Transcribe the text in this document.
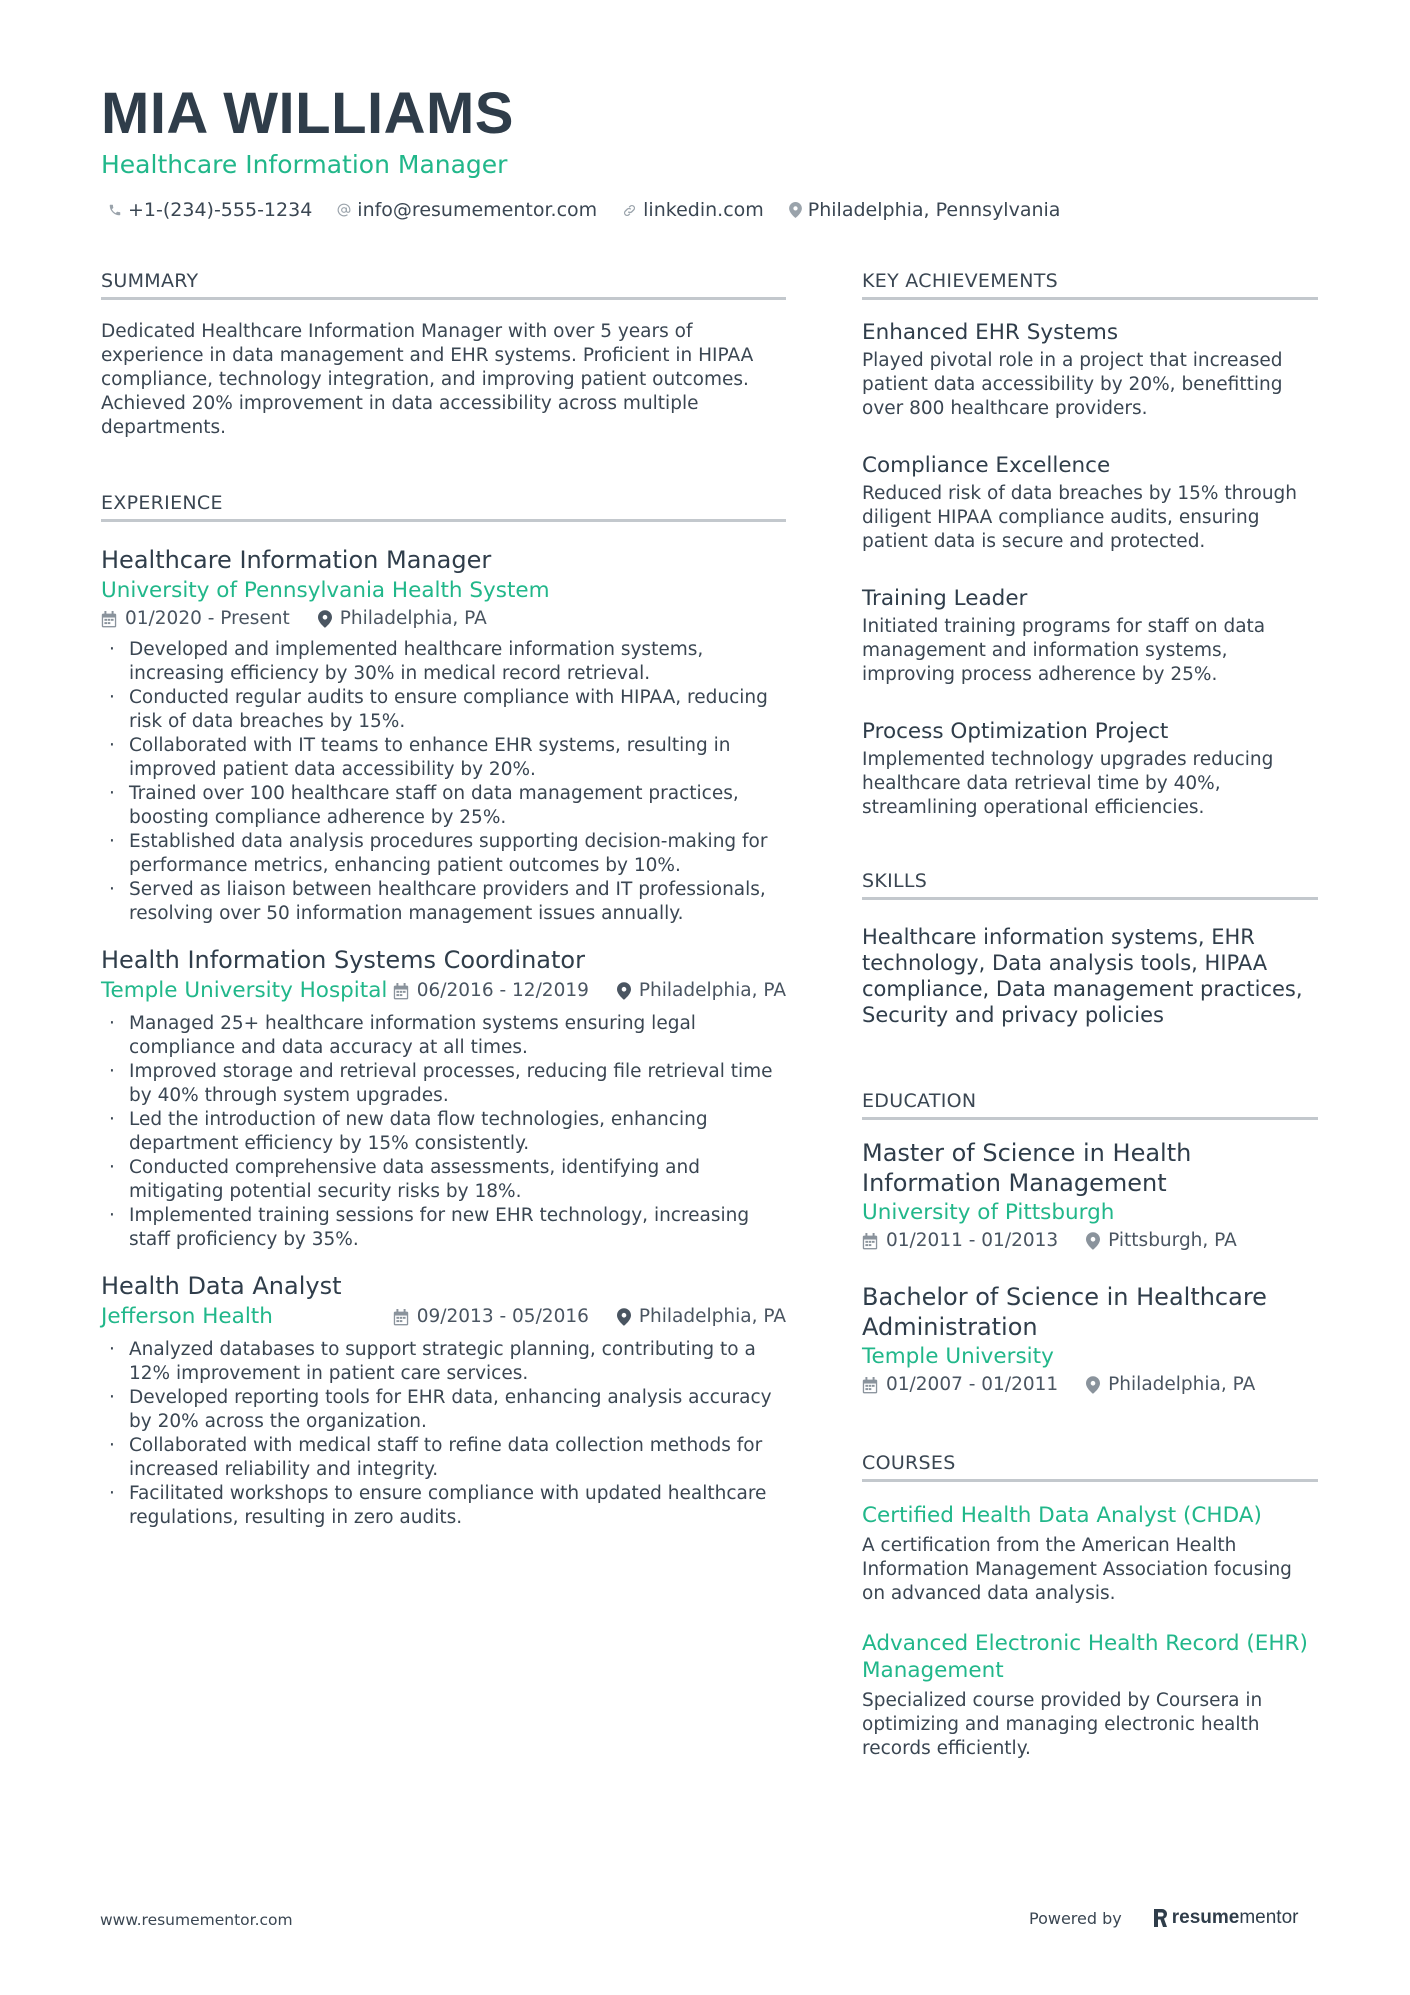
MIA WILLIAMS
Healthcare Information Manager
+1-(234)-555-1234 info@resumementor.com linkedin.com Philadelphia, Pennsylvania
SUMMARY

Dedicated Healthcare Information Manager with over 5 years of experience in data management and EHR systems. Proficient in HIPAA compliance, technology integration, and improving patient outcomes. Achieved 20% improvement in data accessibility across multiple departments.

EXPERIENCE
Healthcare Information Manager
University of Pennsylvania Health System
01/2020 - Present	Philadelphia, PA
· Developed and implemented healthcare information systems, increasing efficiency by 30% in medical record retrieval.
· Conducted regular audits to ensure compliance with HIPAA, reducing risk of data breaches by 15%.
· Collaborated with IT teams to enhance EHR systems, resulting in improved patient data accessibility by 20%.
· Trained over 100 healthcare staff on data management practices, boosting compliance adherence by 25%.
· Established data analysis procedures supporting decision-making for performance metrics, enhancing patient outcomes by 10%.
· Served as liaison between healthcare providers and IT professionals, resolving over 50 information management issues annually.
Health Information Systems Coordinator
Temple University Hospital 06/2016 - 12/2019	Philadelphia, PA
· Managed 25+ healthcare information systems ensuring legal compliance and data accuracy at all times.
· Improved storage and retrieval processes, reducing file retrieval time by 40% through system upgrades.
· Led the introduction of new data flow technologies, enhancing department efficiency by 15% consistently.
· Conducted comprehensive data assessments, identifying and mitigating potential security risks by 18%.
· Implemented training sessions for new EHR technology, increasing staff proficiency by 35%.
Health Data Analyst
Jefferson Health	09/2013 - 05/2016	Philadelphia, PA
· Analyzed databases to support strategic planning, contributing to a 12% improvement in patient care services.
· Developed reporting tools for EHR data, enhancing analysis accuracy by 20% across the organization.
· Collaborated with medical staff to refine data collection methods for increased reliability and integrity.
· Facilitated workshops to ensure compliance with updated healthcare regulations, resulting in zero audits.
KEY ACHIEVEMENTS
Enhanced EHR Systems
Played pivotal role in a project that increased patient data accessibility by 20%, benefitting over 800 healthcare providers.
Compliance Excellence
Reduced risk of data breaches by 15% through diligent HIPAA compliance audits, ensuring patient data is secure and protected.
Training Leader
Initiated training programs for staff on data management and information systems, improving process adherence by 25%.
Process Optimization Project
Implemented technology upgrades reducing healthcare data retrieval time by 40%, streamlining operational efficiencies.
SKILLS
Healthcare information systems, EHR technology, Data analysis tools, HIPAA compliance, Data management practices, Security and privacy policies
EDUCATION
Master of Science in Health Information Management
University of Pittsburgh
01/2011 - 01/2013	Pittsburgh, PA
Bachelor of Science in Healthcare Administration
Temple University
01/2007 - 01/2011	Philadelphia, PA
COURSES
Certified Health Data Analyst (CHDA)
A certification from the American Health Information Management Association focusing on advanced data analysis.
Advanced Electronic Health Record (EHR) Management
Specialized course provided by Coursera in optimizing and managing electronic health records efficiently.
www.resumementor.com	Powered by	resume mentor
